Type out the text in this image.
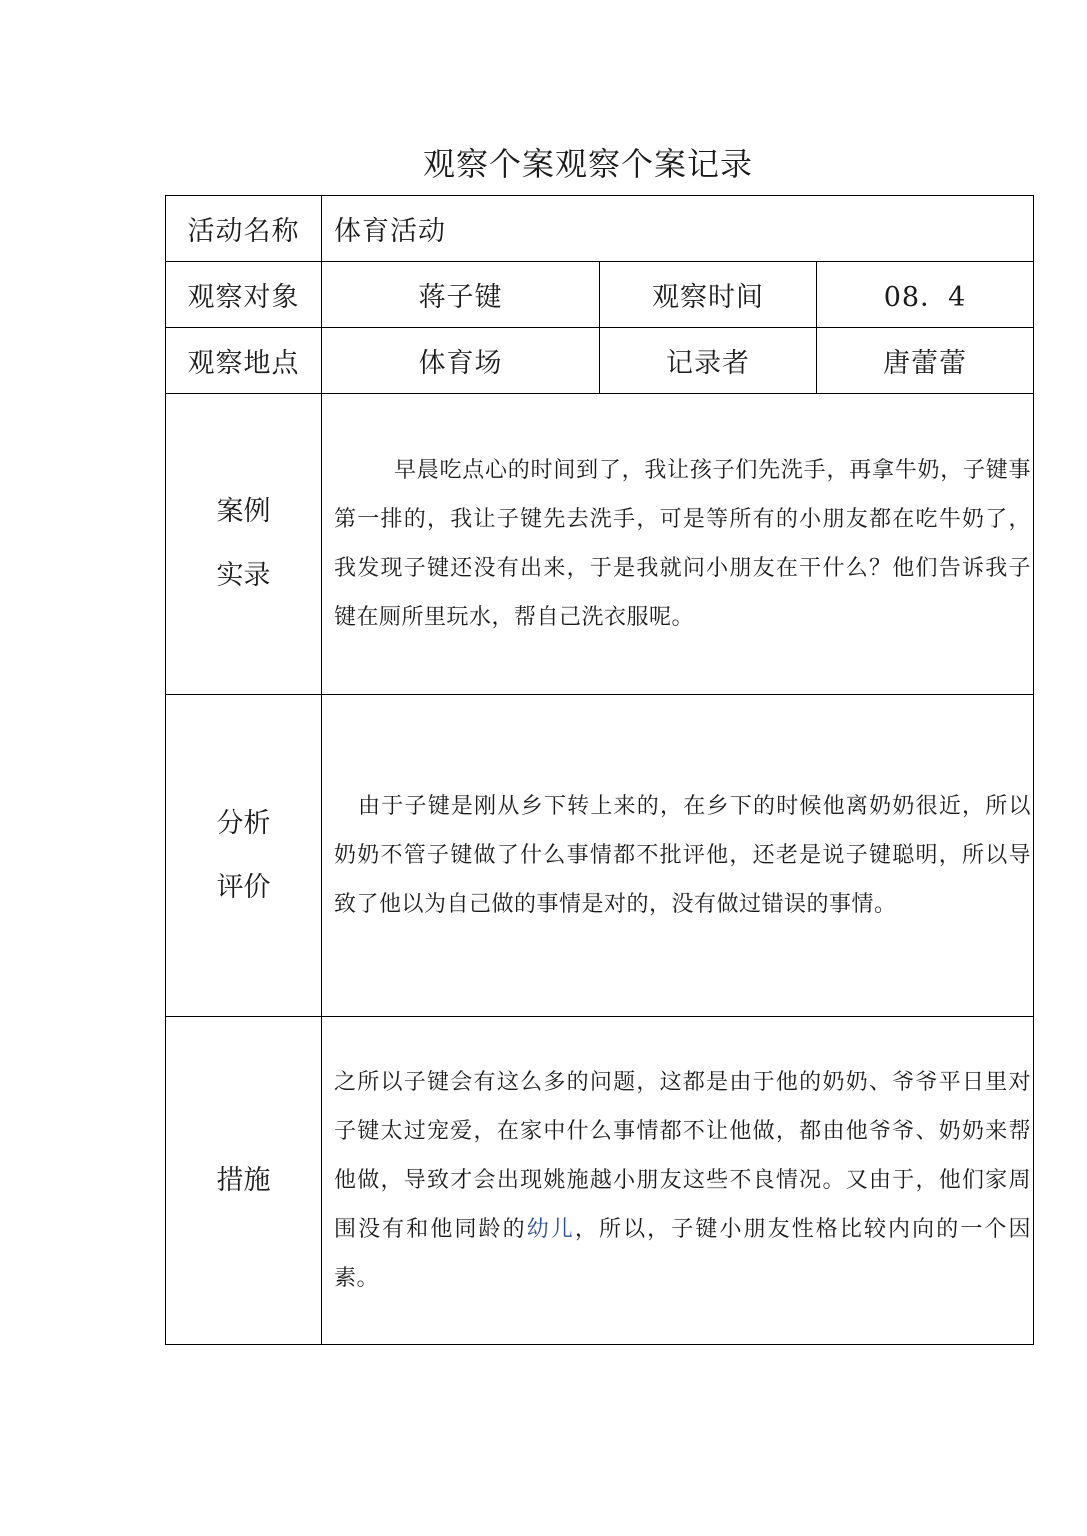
观察个案观察个案记录
活动名称	体育活动		
观察对象	蒋子键	观察时间	08．4
观察地点	体育场	记录者	唐蕾蕾

案例
实录	早晨吃点心的时间到了，我让孩子们先洗手，再拿牛奶，子键事第一排的，我让子键先去洗手，可是等所有的小朋友都在吃牛奶了，我发现子键还没有出来，于是我就问小朋友在干什么？他们告诉我子键在厕所里玩水，帮自己洗衣服呢。		

分析
评价	由于子键是刚从乡下转上来的，在乡下的时候他离奶奶很近，所以奶奶不管子键做了什么事情都不批评他，还老是说子键聪明，所以导致了他以为自己做的事情是对的，没有做过错误的事情。		

措施	之所以子键会有这么多的问题，这都是由于他的奶奶、爷爷平日里对子键太过宠爱，在家中什么事情都不让他做，都由他爷爷、奶奶来帮他做，导致才会出现姚施越小朋友这些不良情况。又由于，他们家周围没有和他同龄的幼儿，所以，子键小朋友性格比较内向的一个因素。		
